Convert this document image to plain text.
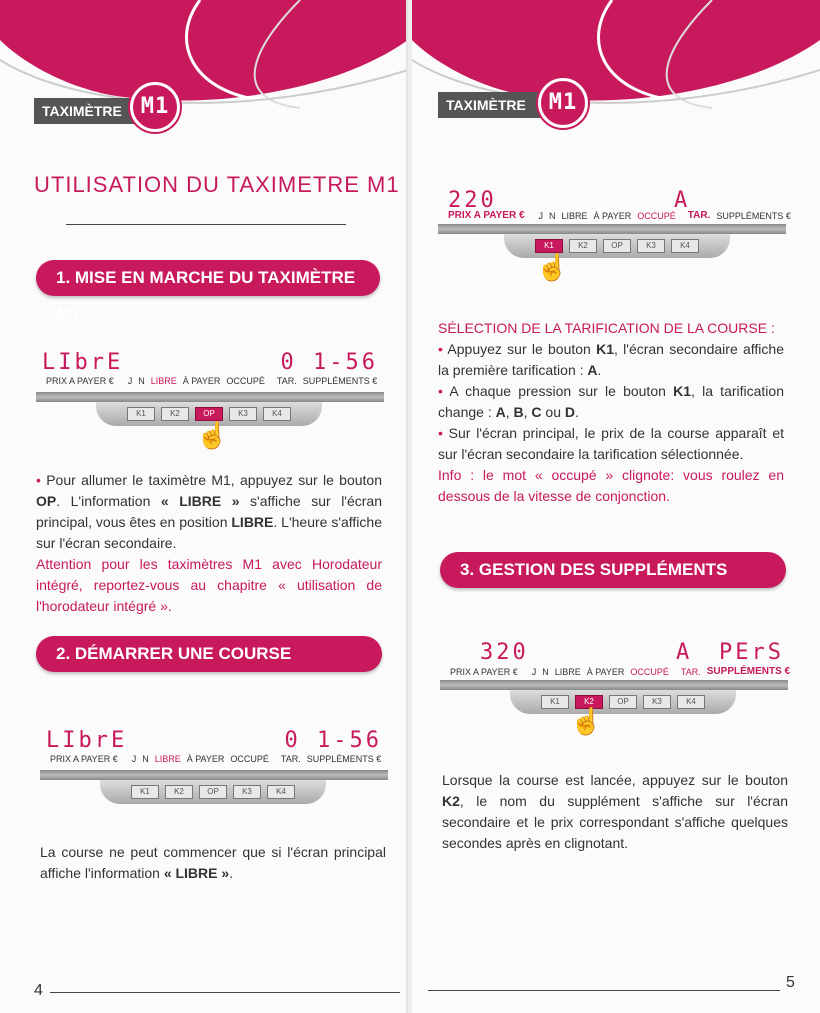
TAXIMÈTRE M1
UTILISATION DU TAXIMETRE M1
1. MISE EN MARCHE DU TAXIMÈTRE M1
LIbrE	0 1-56
PRIX A PAYER € J N LIBRE À PAYER OCCUPÉ TAR. SUPPLÉMENTS €
K1	K2	OP	K3	K4
☝
• Pour allumer le taximètre M1, appuyez sur le bouton OP. L'information « LIBRE » s'affiche sur l'écran principal, vous êtes en position LIBRE. L'heure s'affiche sur l'écran secondaire.
Attention pour les taximètres M1 avec Horodateur intégré, reportez-vous au chapitre « utilisation de l'horodateur intégré ».
2. DÉMARRER UNE COURSE
LIbrE	0 1-56
PRIX A PAYER € J N LIBRE À PAYER OCCUPÉ TAR. SUPPLÉMENTS €
K1	K2	OP	K3	K4
La course ne peut commencer que si l'écran principal affiche l'information « LIBRE ».
4
TAXIMÈTRE	M1
220	A
PRIX A PAYER € J N LIBRE À PAYER OCCUPÉ TAR. SUPPLÉMENTS €
K1	K2	OP	K3	K4
☝
SÉLECTION DE LA TARIFICATION DE LA COURSE :
• Appuyez sur le bouton K1, l'écran secondaire affiche la première tarification : A.
• A chaque pression sur le bouton K1, la tarification change : A, B, C ou D.
• Sur l'écran principal, le prix de la course apparaît et sur l'écran secondaire la tarification sélectionnée.
Info : le mot « occupé » clignote: vous roulez en dessous de la vitesse de conjonction.
3. GESTION DES SUPPLÉMENTS
320	A PErS
PRIX A PAYER € J N LIBRE À PAYER OCCUPÉ TAR. SUPPLÉMENTS €
K1	K2	OP	K3	K4
☝
Lorsque la course est lancée, appuyez sur le bouton K2, le nom du supplément s'affiche sur l'écran secondaire et le prix correspondant s'affiche quelques secondes après en clignotant.
5
